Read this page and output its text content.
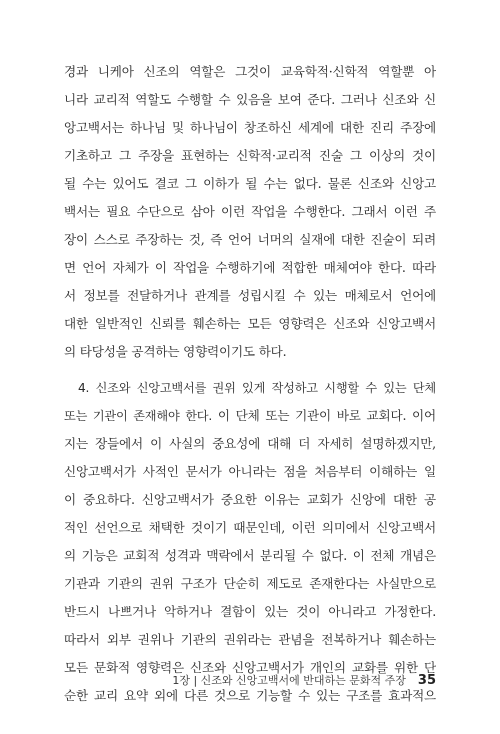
경과 니케아 신조의 역할은 그것이 교육학적·신학적 역할뿐 아
니라 교리적 역할도 수행할 수 있음을 보여 준다. 그러나 신조와 신
앙고백서는 하나님 및 하나님이 창조하신 세계에 대한 진리 주장에
기초하고 그 주장을 표현하는 신학적·교리적 진술 그 이상의 것이
될 수는 있어도 결코 그 이하가 될 수는 없다. 물론 신조와 신앙고
백서는 필요 수단으로 삼아 이런 작업을 수행한다. 그래서 이런 주
장이 스스로 주장하는 것, 즉 언어 너머의 실재에 대한 진술이 되려
면 언어 자체가 이 작업을 수행하기에 적합한 매체여야 한다. 따라
서 정보를 전달하거나 관계를 성립시킬 수 있는 매체로서 언어에
대한 일반적인 신뢰를 훼손하는 모든 영향력은 신조와 신앙고백서
의 타당성을 공격하는 영향력이기도 하다.
4. 신조와 신앙고백서를 권위 있게 작성하고 시행할 수 있는 단체
또는 기관이 존재해야 한다. 이 단체 또는 기관이 바로 교회다. 이어
지는 장들에서 이 사실의 중요성에 대해 더 자세히 설명하겠지만,
신앙고백서가 사적인 문서가 아니라는 점을 처음부터 이해하는 일
이 중요하다. 신앙고백서가 중요한 이유는 교회가 신앙에 대한 공
적인 선언으로 채택한 것이기 때문인데, 이런 의미에서 신앙고백서
의 기능은 교회적 성격과 맥락에서 분리될 수 없다. 이 전체 개념은
기관과 기관의 권위 구조가 단순히 제도로 존재한다는 사실만으로
반드시 나쁘거나 악하거나 결함이 있는 것이 아니라고 가정한다.
따라서 외부 권위나 기관의 권위라는 관념을 전복하거나 훼손하는
모든 문화적 영향력은 신조와 신앙고백서가 개인의 교화를 위한 단
순한 교리 요약 외에 다른 것으로 기능할 수 있는 구조를 효과적으
1장 | 신조와 신앙고백서에 반대하는 문화적 주장 35
